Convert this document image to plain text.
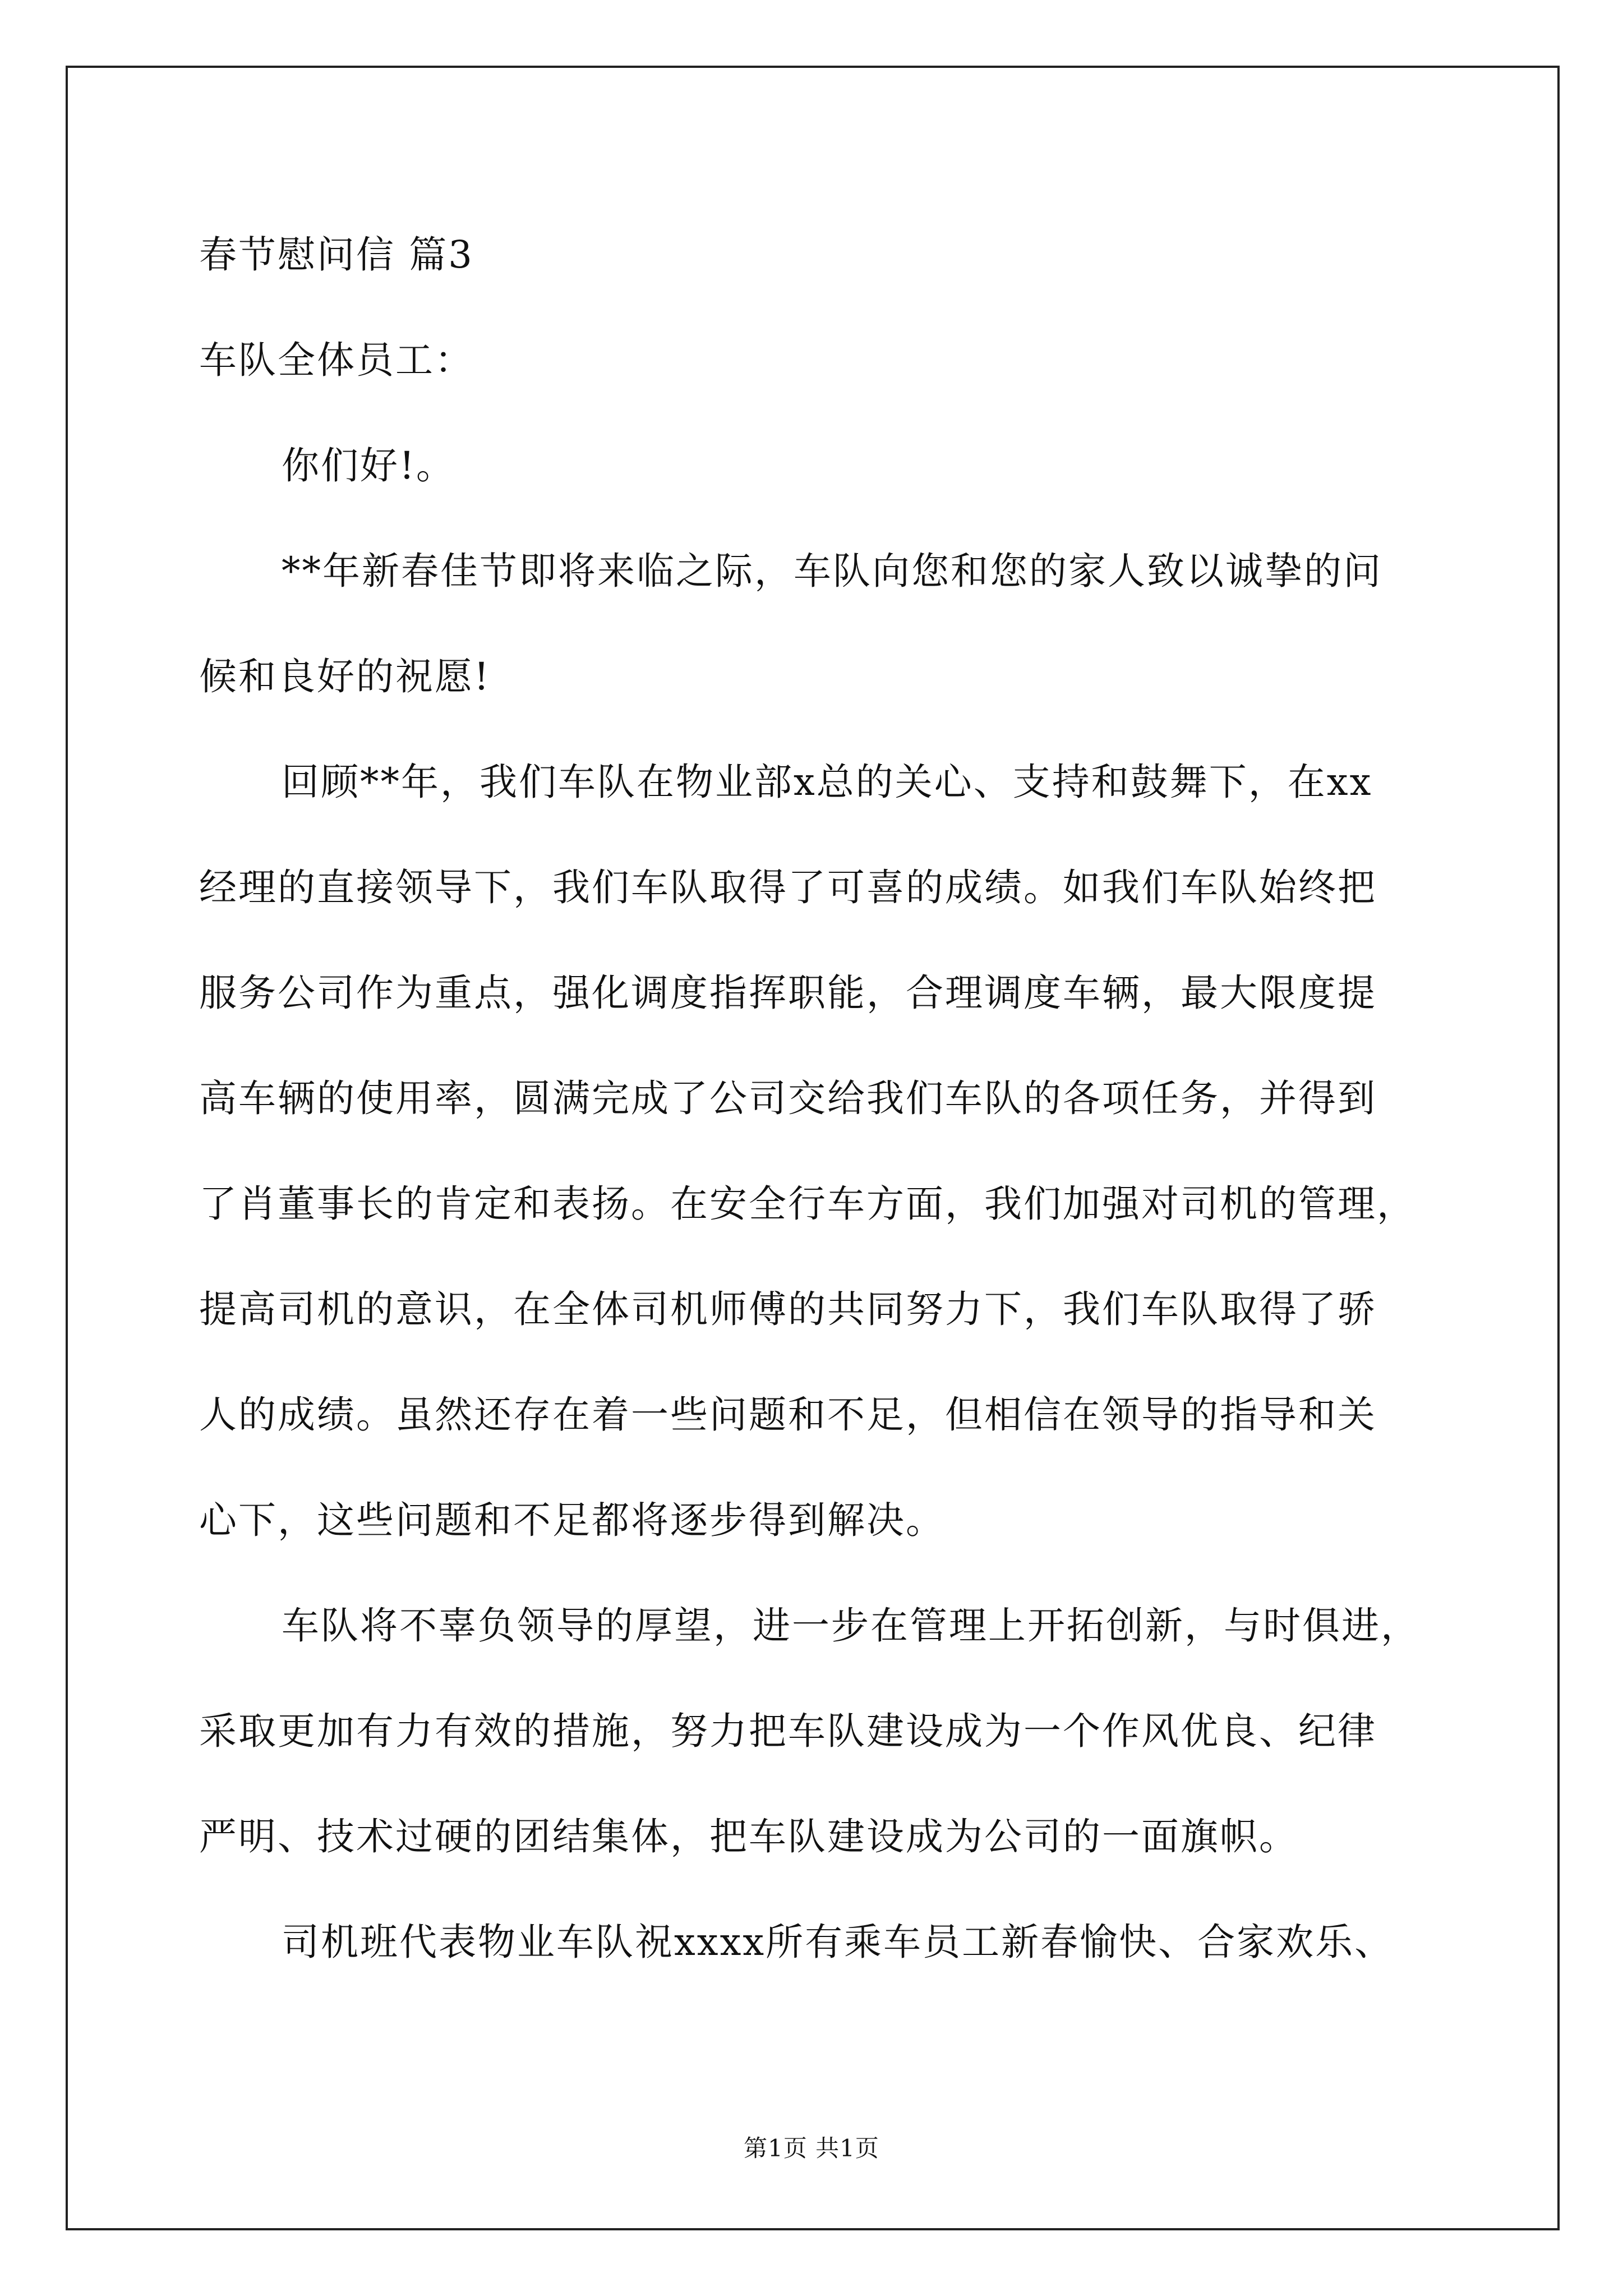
春节慰问信 篇3
车队全体员工：
你们好!。
**年新春佳节即将来临之际，车队向您和您的家人致以诚挚的问
候和良好的祝愿!
回顾**年，我们车队在物业部x总的关心、支持和鼓舞下，在xx
经理的直接领导下，我们车队取得了可喜的成绩。如我们车队始终把
服务公司作为重点，强化调度指挥职能，合理调度车辆，最大限度提
高车辆的使用率，圆满完成了公司交给我们车队的各项任务，并得到
了肖董事长的肯定和表扬。在安全行车方面，我们加强对司机的管理，
提高司机的意识，在全体司机师傅的共同努力下，我们车队取得了骄
人的成绩。虽然还存在着一些问题和不足，但相信在领导的指导和关
心下，这些问题和不足都将逐步得到解决。
车队将不辜负领导的厚望，进一步在管理上开拓创新，与时俱进，
采取更加有力有效的措施，努力把车队建设成为一个作风优良、纪律
严明、技术过硬的团结集体，把车队建设成为公司的一面旗帜。
司机班代表物业车队祝xxxx所有乘车员工新春愉快、合家欢乐、
第1页 共1页
